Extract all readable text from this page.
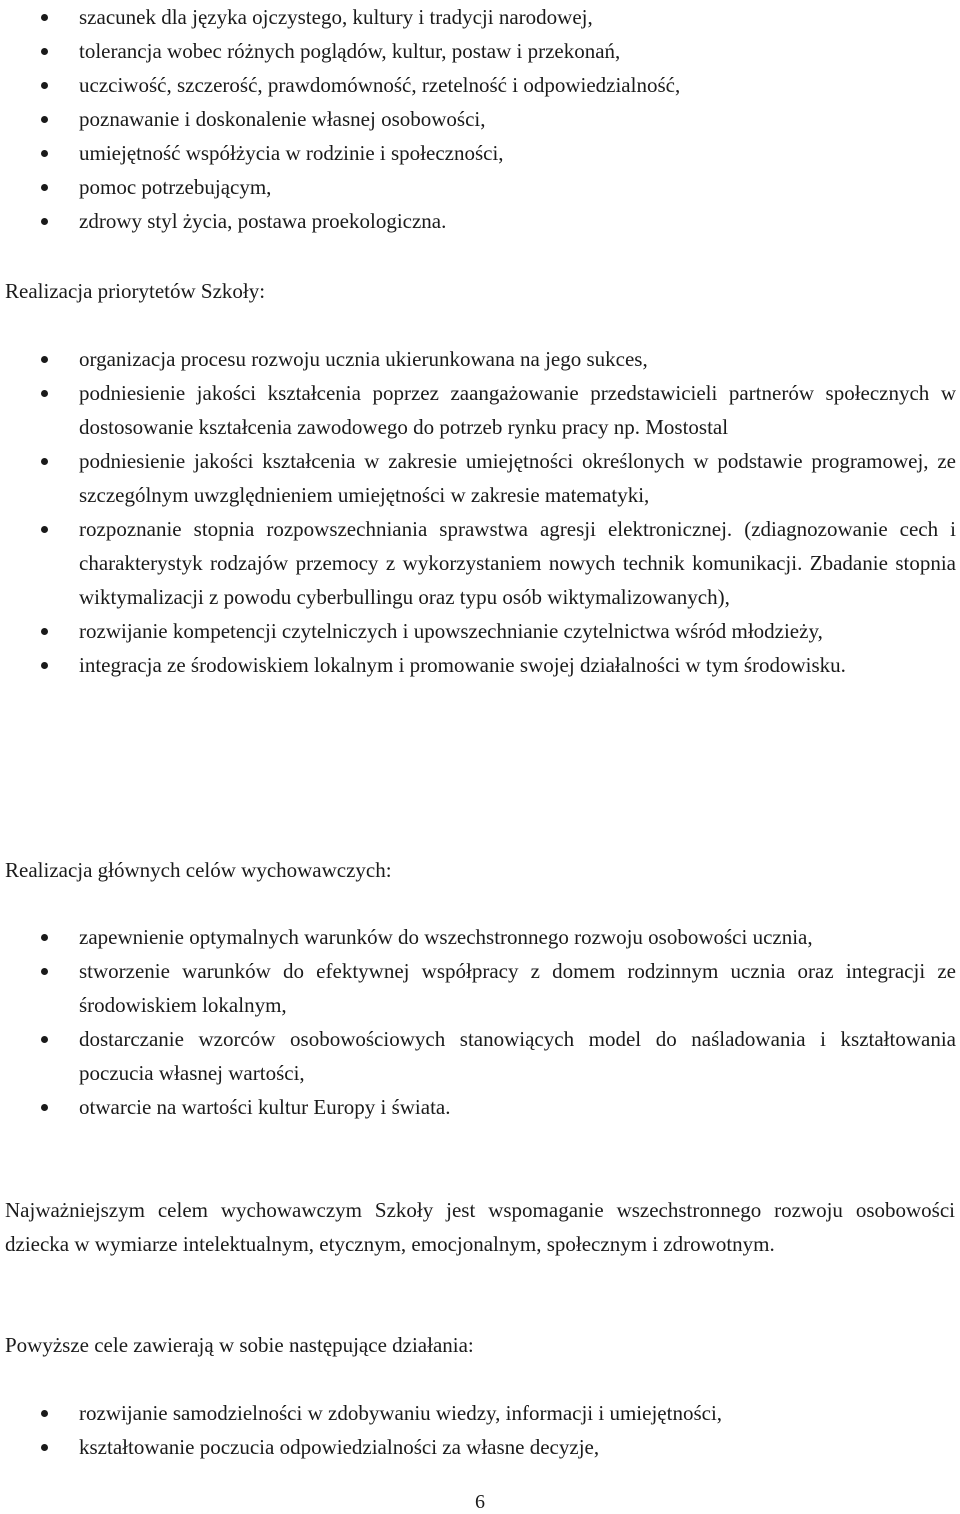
szacunek dla języka ojczystego, kultury i tradycji narodowej,
tolerancja wobec różnych poglądów, kultur, postaw i przekonań,
uczciwość, szczerość, prawdomówność, rzetelność i odpowiedzialność,
poznawanie i doskonalenie własnej osobowości,
umiejętność współżycia w rodzinie i społeczności,
pomoc potrzebującym,
zdrowy styl życia, postawa proekologiczna.

Realizacja priorytetów Szkoły:

organizacja procesu rozwoju ucznia ukierunkowana na jego sukces,
podniesienie jakości kształcenia poprzez zaangażowanie przedstawicieli partnerów społecznych w dostosowanie kształcenia zawodowego do potrzeb rynku pracy np. Mostostal
podniesienie jakości kształcenia w zakresie umiejętności określonych w podstawie programowej, ze szczególnym uwzględnieniem umiejętności w zakresie matematyki,
rozpoznanie stopnia rozpowszechniania sprawstwa agresji elektronicznej. (zdiagnozowanie cech i charakterystyk rodzajów przemocy z wykorzystaniem nowych technik komunikacji. Zbadanie stopnia wiktymalizacji z powodu cyberbullingu oraz typu osób wiktymalizowanych),
rozwijanie kompetencji czytelniczych i upowszechnianie czytelnictwa wśród młodzieży,
integracja ze środowiskiem lokalnym i promowanie swojej działalności w tym środowisku.

Realizacja głównych celów wychowawczych:

zapewnienie optymalnych warunków do wszechstronnego rozwoju osobowości ucznia,
stworzenie warunków do efektywnej współpracy z domem rodzinnym ucznia oraz integracji ze środowiskiem lokalnym,
dostarczanie wzorców osobowościowych stanowiących model do naśladowania i kształtowania poczucia własnej wartości,
otwarcie na wartości kultur Europy i świata.

Najważniejszym celem wychowawczym Szkoły jest wspomaganie wszechstronnego rozwoju osobowości dziecka w wymiarze intelektualnym, etycznym, emocjonalnym, społecznym i zdrowotnym.

Powyższe cele zawierają w sobie następujące działania:

rozwijanie samodzielności w zdobywaniu wiedzy, informacji i umiejętności,
kształtowanie poczucia odpowiedzialności za własne decyzje,
6
